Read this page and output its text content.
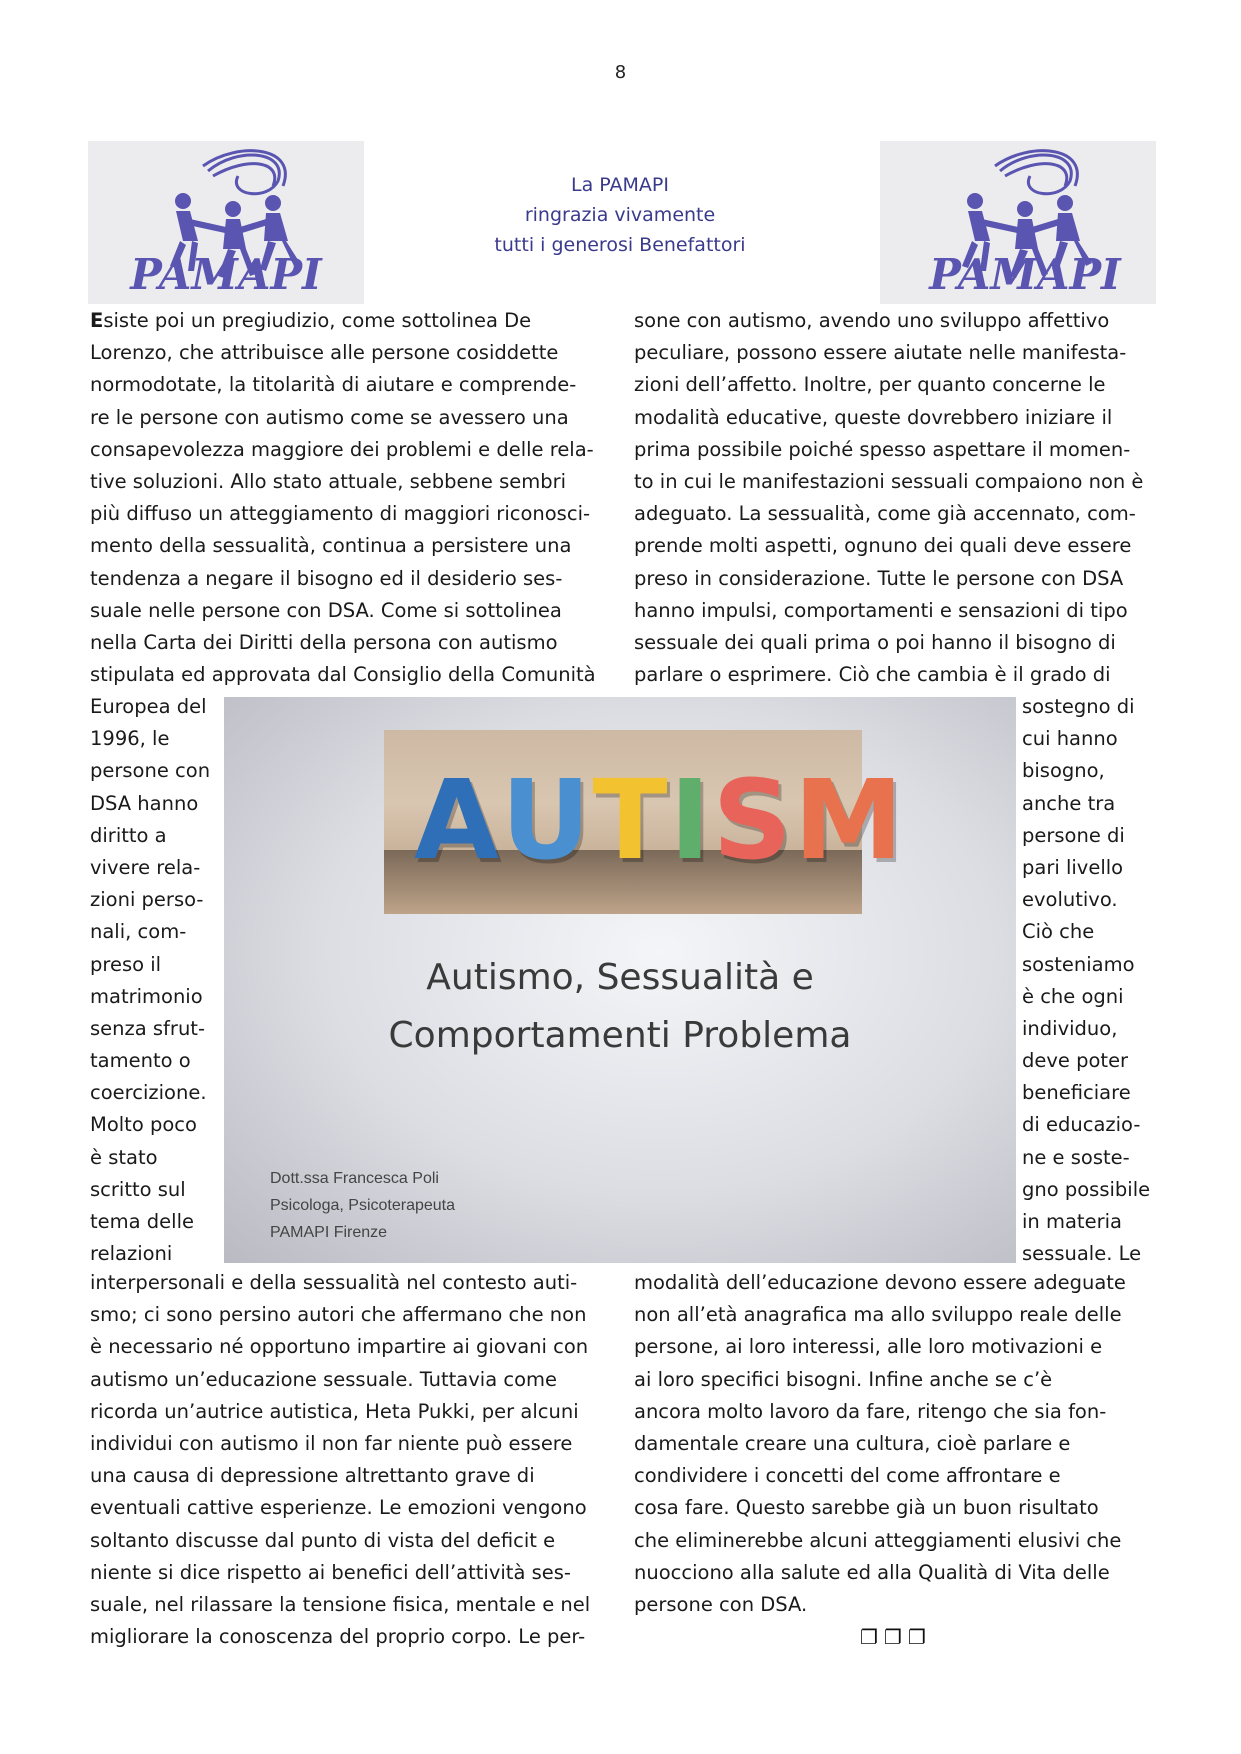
8
PAMAPI
La PAMAPI
ringrazia vivamente
tutti i generosi Benefattori
PAMAPI
Esiste poi un pregiudizio, come sottolinea De
Lorenzo, che attribuisce alle persone cosiddette
normodotate, la titolarità di aiutare e comprende-
re le persone con autismo come se avessero una
consapevolezza maggiore dei problemi e delle rela-
tive soluzioni. Allo stato attuale, sebbene sembri
più diffuso un atteggiamento di maggiori riconosci-
mento della sessualità, continua a persistere una
tendenza a negare il bisogno ed il desiderio ses-
suale nelle persone con DSA. Come si sottolinea
nella Carta dei Diritti della persona con autismo
stipulata ed approvata dal Consiglio della Comunità
Europea del
1996, le
persone con
DSA hanno
diritto a
vivere rela-
zioni perso-
nali, com-
preso il
matrimonio
senza sfrut-
tamento o
coercizione.
Molto poco
è stato
scritto sul
tema delle
relazioni
sone con autismo, avendo uno sviluppo affettivo
peculiare, possono essere aiutate nelle manifesta-
zioni dell’affetto. Inoltre, per quanto concerne le
modalità educative, queste dovrebbero iniziare il
prima possibile poiché spesso aspettare il momen-
to in cui le manifestazioni sessuali compaiono non è
adeguato. La sessualità, come già accennato, com-
prende molti aspetti, ognuno dei quali deve essere
preso in considerazione. Tutte le persone con DSA
hanno impulsi, comportamenti e sensazioni di tipo
sessuale dei quali prima o poi hanno il bisogno di
parlare o esprimere. Ciò che cambia è il grado di
sostegno di
cui hanno
bisogno,
anche tra
persone di
pari livello
evolutivo.
Ciò che
sosteniamo
è che ogni
individuo,
deve poter
beneficiare
di educazio-
ne e soste-
gno possibile
in materia
sessuale. Le
interpersonali e della sessualità nel contesto auti-
smo; ci sono persino autori che affermano che non
è necessario né opportuno impartire ai giovani con
autismo un’educazione sessuale. Tuttavia come
ricorda un’autrice autistica, Heta Pukki, per alcuni
individui con autismo il non far niente può essere
una causa di depressione altrettanto grave di
eventuali cattive esperienze. Le emozioni vengono
soltanto discusse dal punto di vista del deficit e
niente si dice rispetto ai benefici dell’attività ses-
suale, nel rilassare la tensione fisica, mentale e nel
migliorare la conoscenza del proprio corpo. Le per-
modalità dell’educazione devono essere adeguate
non all’età anagrafica ma allo sviluppo reale delle
persone, ai loro interessi, alle loro motivazioni e
ai loro specifici bisogni. Infine anche se c’è
ancora molto lavoro da fare, ritengo che sia fon-
damentale creare una cultura, cioè parlare e
condividere i concetti del come affrontare e
cosa fare. Questo sarebbe già un buon risultato
che eliminerebbe alcuni atteggiamenti elusivi che
nuocciono alla salute ed alla Qualità di Vita delle
persone con DSA.
A U T I S M
Autismo, Sessualità e
Comportamenti Problema
Dott.ssa Francesca Poli
Psicologa, Psicoterapeuta
PAMAPI Firenze
❐❐❐
